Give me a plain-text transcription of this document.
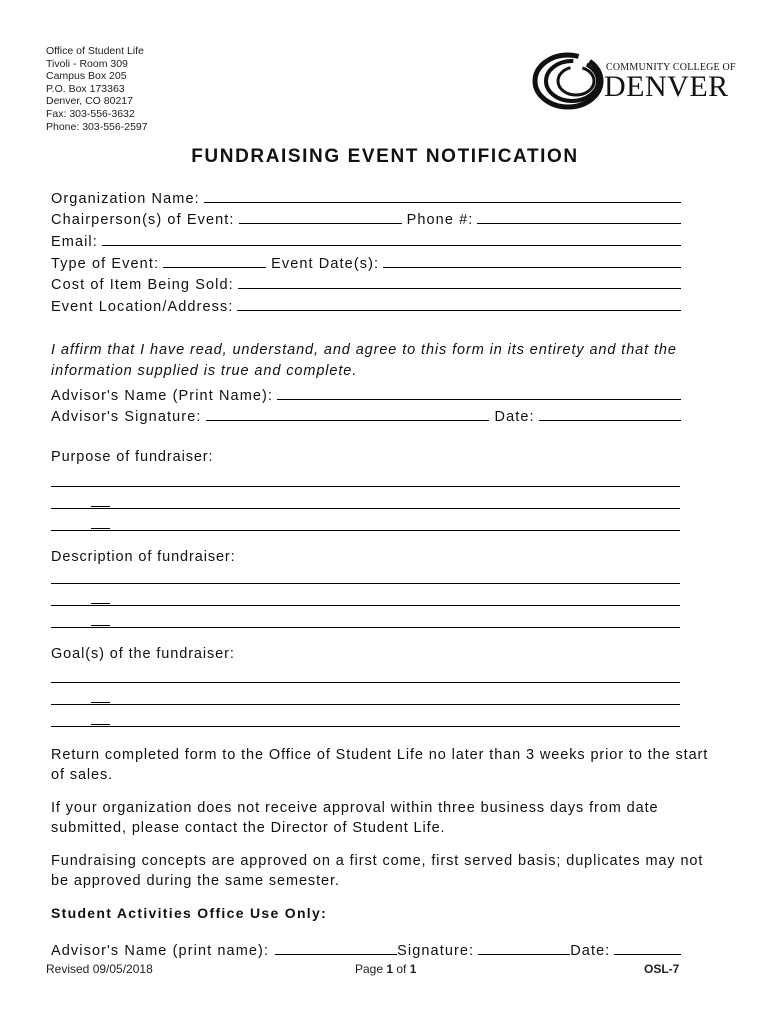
Office of Student Life
Tivoli - Room 309
Campus Box 205
P.O. Box 173363
Denver, CO 80217
Fax: 303-556-3632
Phone: 303-556-2597
COMMUNITY COLLEGE OF
DENVER
FUNDRAISING EVENT NOTIFICATION
Organization Name:
Chairperson(s) of Event:	Phone #:
Email:
Type of Event:	Event Date(s):
Cost of Item Being Sold:
Event Location/Address:
I affirm that I have read, understand, and agree to this form in its entirety and that the information supplied is true and complete.
Advisor's Name (Print Name):
Advisor's Signature:	Date:
Purpose of fundraiser:
Description of fundraiser:
Goal(s) of the fundraiser:
Return completed form to the Office of Student Life no later than 3 weeks prior to the start of sales.
If your organization does not receive approval within three business days from date submitted, please contact the Director of Student Life.
Fundraising concepts are approved on a first come, first served basis; duplicates may not be approved during the same semester.
Student Activities Office Use Only:
Advisor's Name (print name):	Signature:	Date:
Revised 09/05/2018	Page 1 of 1	OSL-7
